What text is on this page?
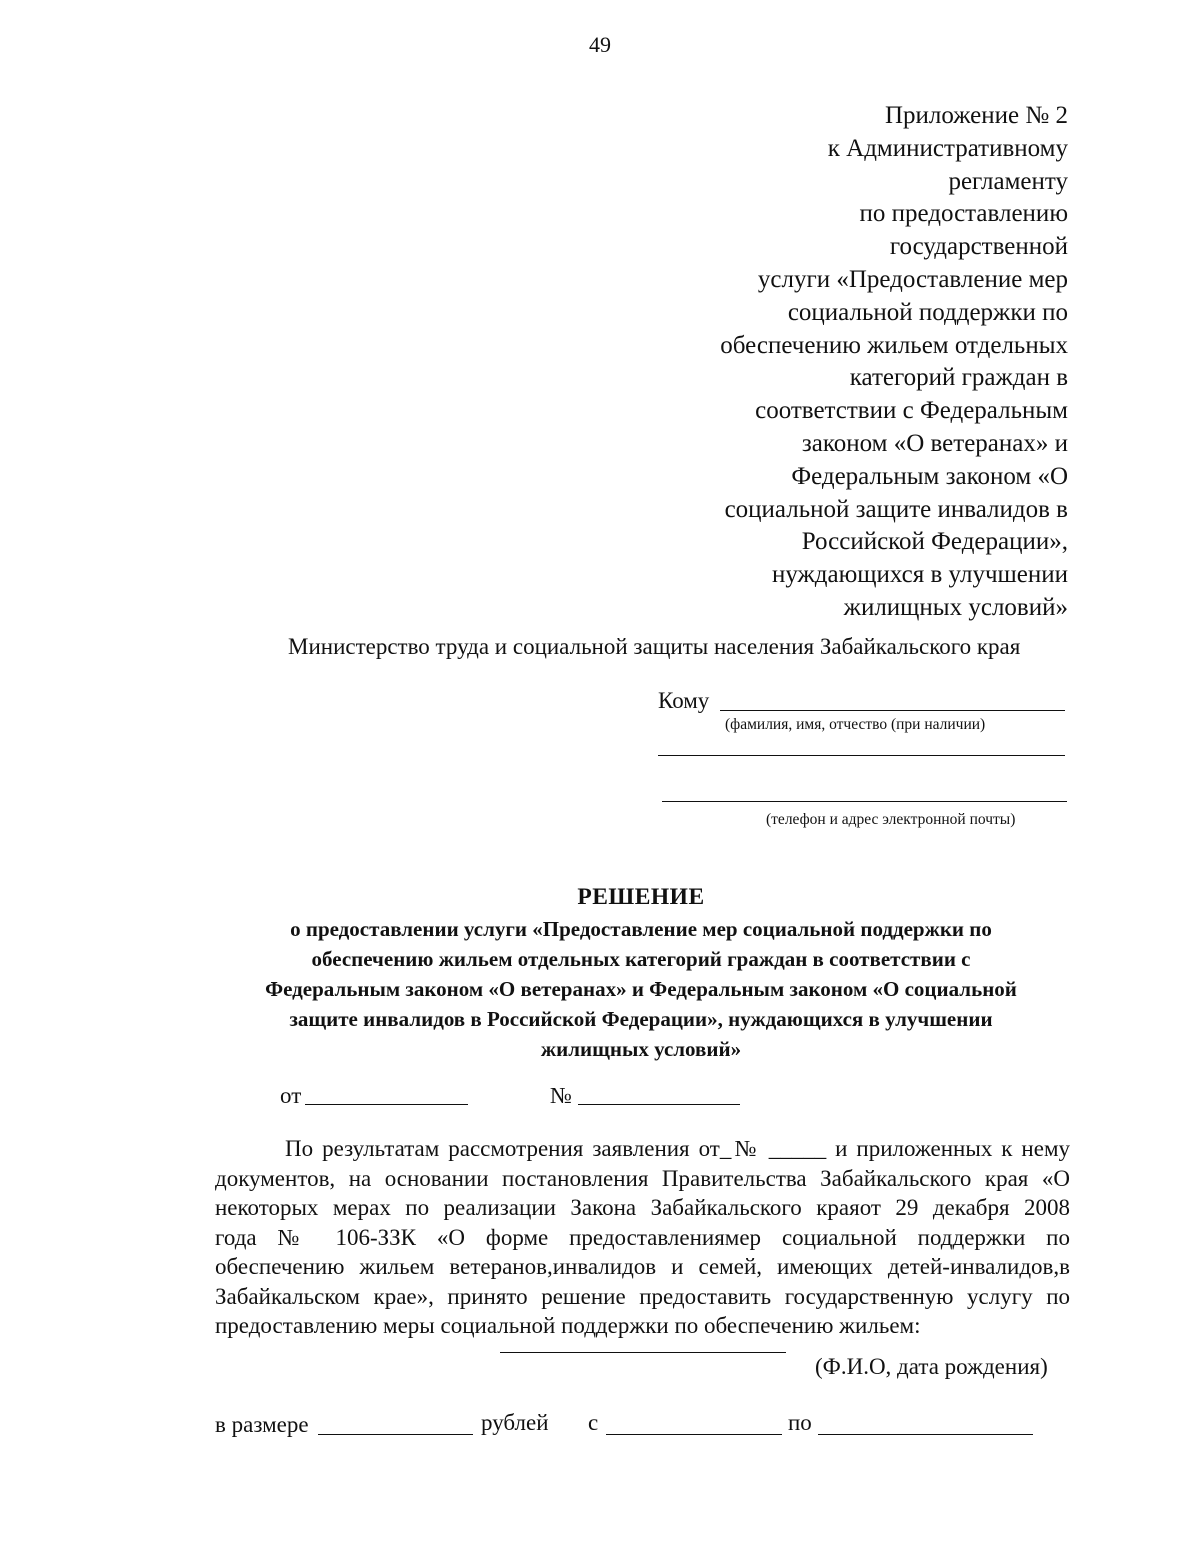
49
Приложение № 2
к Административному
регламенту
по предоставлению
государственной
услуги «Предоставление мер
социальной поддержки по
обеспечению жильем отдельных
категорий граждан в
соответствии с Федеральным
законом «О ветеранах» и
Федеральным законом «О
социальной защите инвалидов в
Российской Федерации»,
нуждающихся в улучшении
жилищных условий»
Министерство труда и социальной защиты населения Забайкальского края
Кому
(фамилия, имя, отчество (при наличии)
(телефон и адрес электронной почты)
РЕШЕНИЕ
о предоставлении услуги «Предоставление мер социальной поддержки по
обеспечению жильем отдельных категорий граждан в соответствии с
Федеральным законом «О ветеранах» и Федеральным законом «О социальной
защите инвалидов в Российской Федерации», нуждающихся в улучшении
жилищных условий»
от	№
По результатам рассмотрения заявления от_№ _____ и приложенных к нему
документов, на основании постановления Правительства Забайкальского края «О
некоторых мерах по реализации Закона Забайкальского краяот 29 декабря 2008
года № 106-ЗЗК «О форме предоставлениямер социальной поддержки по
обеспечению жильем ветеранов,инвалидов и семей, имеющих детей-инвалидов,в
Забайкальском крае», принято решение предоставить государственную услугу по
предоставлению меры социальной поддержки по обеспечению жильем:
(Ф.И.О, дата рождения)
в размере	рублей с	по
